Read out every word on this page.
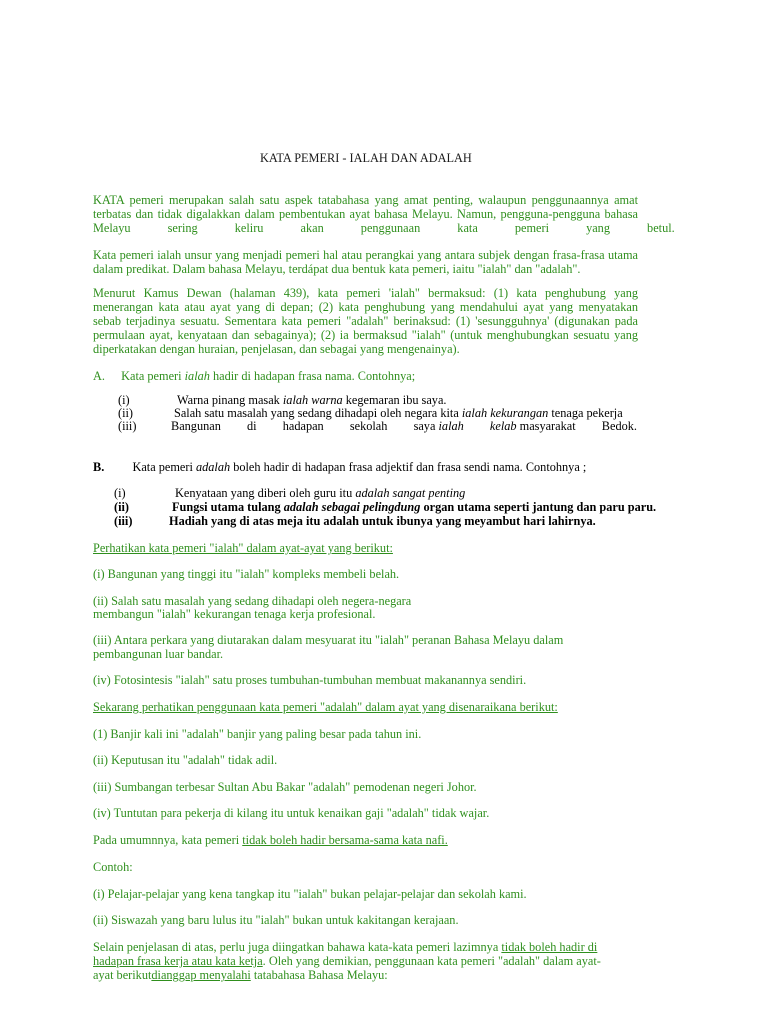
KATA PEMERI - IALAH DAN ADALAH
KATA pemeri merupakan salah satu aspek tatabahasa yang amat penting, walaupun penggunaannya amat
terbatas dan tidak digalakkan dalam pembentukan ayat bahasa Melayu. Namun, pengguna-pengguna bahasa
Melayu sering keliru akan penggunaan kata pemeri yang betul.
Kata pemeri ialah unsur yang menjadi pemeri hal atau perangkai yang antara subjek dengan frasa-frasa utama
dalam predikat. Dalam bahasa Melayu, terdápat dua bentuk kata pemeri, iaitu "ialah" dan "adalah".
Menurut Kamus Dewan (halaman 439), kata pemeri 'ialah" bermaksud: (1) kata penghubung yang
menerangan kata atau ayat yang di depan; (2) kata penghubung yang mendahului ayat yang menyatakan
sebab terjadinya sesuatu. Sementara kata pemeri "adalah" berinaksud: (1) 'sesungguhnya' (digunakan pada
permulaan ayat, kenyataan dan sebagainya); (2) ia bermaksud "ialah" (untuk menghubungkan sesuatu yang
diperkatakan dengan huraian, penjelasan, dan sebagai yang mengenainya).
A. Kata pemeri ialah hadir di hadapan frasa nama. Contohnya;
(i)	Warna pinang masak ialah warna kegemaran ibu saya.
(ii)	Salah satu masalah yang sedang dihadapi oleh negara kita ialah kekurangan tenaga pekerja
(iii)	Bangunan di hadapan sekolah saya ialah kelab masyarakat Bedok.
B. Kata pemeri adalah boleh hadir di hadapan frasa adjektif dan frasa sendi nama. Contohnya ;
(i)	Kenyataan yang diberi oleh guru itu adalah sangat penting
(ii)	Fungsi utama tulang adalah sebagai pelingdung organ utama seperti jantung dan paru paru.
(iii)	Hadiah yang di atas meja itu adalah untuk ibunya yang meyambut hari lahirnya.
Perhatikan kata pemeri "ialah" dalam ayat-ayat yang berikut:
(i) Bangunan yang tinggi itu "ialah" kompleks membeli belah.
(ii) Salah satu masalah yang sedang dihadapi oleh negera-negara
membangun "ialah" kekurangan tenaga kerja profesional.
(iii) Antara perkara yang diutarakan dalam mesyuarat itu "ialah" peranan Bahasa Melayu dalam
pembangunan luar bandar.
(iv) Fotosintesis "ialah" satu proses tumbuhan-tumbuhan membuat makanannya sendiri.
Sekarang perhatikan penggunaan kata pemeri "adalah" dalam ayat yang disenaraikana berikut:
(1) Banjir kali ini "adalah" banjir yang paling besar pada tahun ini.
(ii) Keputusan itu "adalah" tidak adil.
(iii) Sumbangan terbesar Sultan Abu Bakar "adalah" pemodenan negeri Johor.
(iv) Tuntutan para pekerja di kilang itu untuk kenaikan gaji "adalah" tidak wajar.
Pada umumnnya, kata pemeri tidak boleh hadir bersama-sama kata nafi.
Contoh:
(i) Pelajar-pelajar yang kena tangkap itu "ialah" bukan pelajar-pelajar dan sekolah kami.
(ii) Siswazah yang baru lulus itu "ialah" bukan untuk kakitangan kerajaan.
Selain penjelasan di atas, perlu juga diingatkan bahawa kata-kata pemeri lazimnya tidak boleh hadir di
hadapan frasa kerja atau kata ketja. Oleh yang demikian, penggunaan kata pemeri "adalah" dalam ayat-
ayat berikutdianggap menyalahi tatabahasa Bahasa Melayu:
